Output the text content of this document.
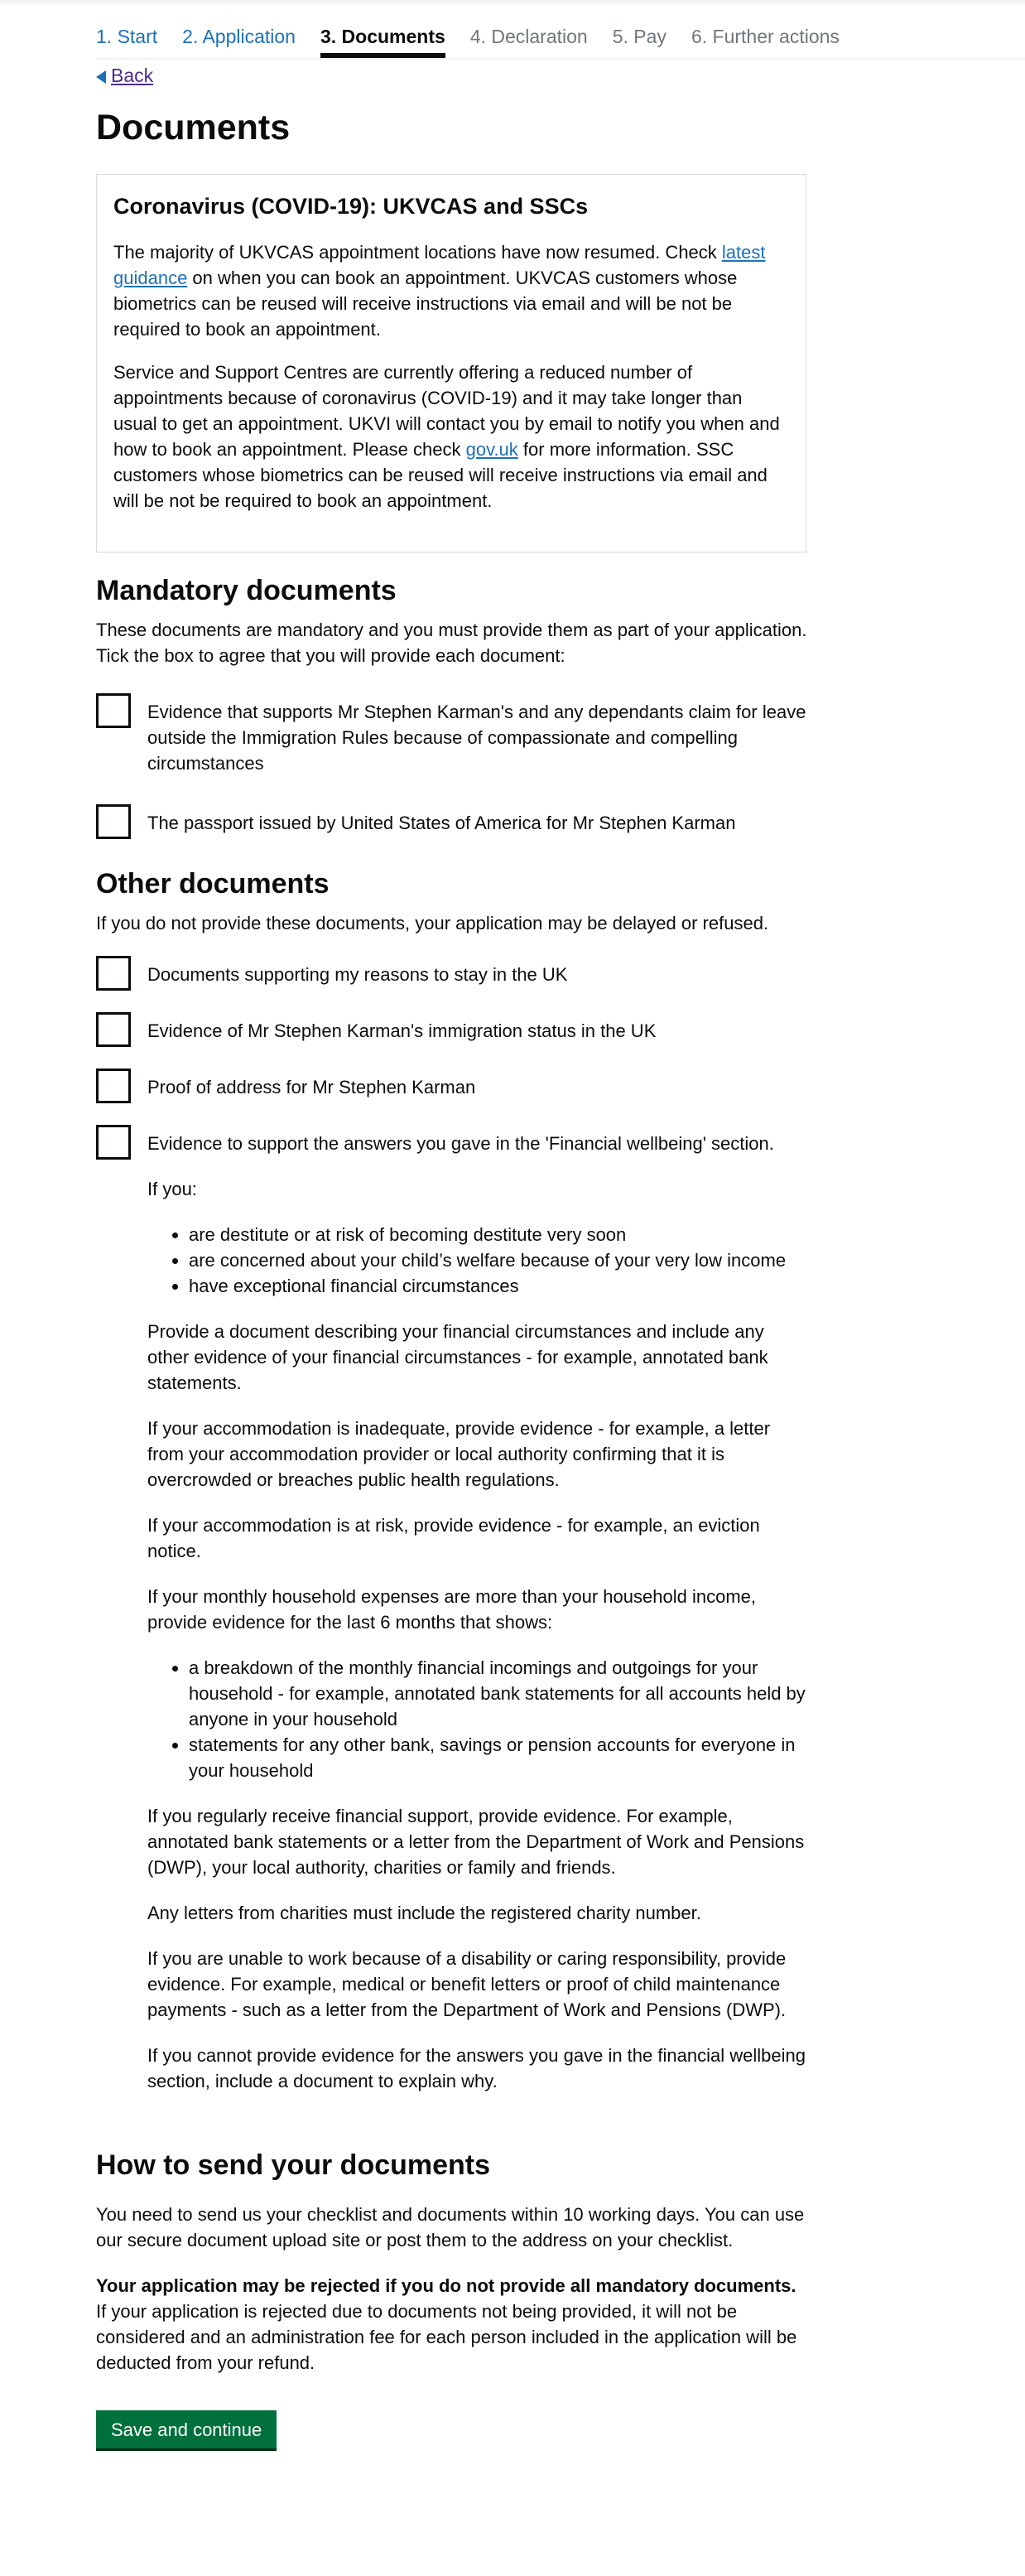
1. Start 2. Application 3. Documents 4. Declaration 5. Pay 6. Further actions
Back
Documents
Coronavirus (COVID-19): UKVCAS and SSCs

The majority of UKVCAS appointment locations have now resumed. Check latest guidance on when you can book an appointment. UKVCAS customers whose biometrics can be reused will receive instructions via email and will be not be required to book an appointment.

Service and Support Centres are currently offering a reduced number of appointments because of coronavirus (COVID-19) and it may take longer than usual to get an appointment. UKVI will contact you by email to notify you when and how to book an appointment. Please check gov.uk for more information. SSC customers whose biometrics can be reused will receive instructions via email and will be not be required to book an appointment.

Mandatory documents

These documents are mandatory and you must provide them as part of your application. Tick the box to agree that you will provide each document:

Evidence that supports Mr Stephen Karman's and any dependants claim for leave outside the Immigration Rules because of compassionate and compelling circumstances
The passport issued by United States of America for Mr Stephen Karman
Other documents

If you do not provide these documents, your application may be delayed or refused.

Documents supporting my reasons to stay in the UK
Evidence of Mr Stephen Karman's immigration status in the UK
Proof of address for Mr Stephen Karman
Evidence to support the answers you gave in the 'Financial wellbeing' section.

If you:

• are destitute or at risk of becoming destitute very soon
• are concerned about your child’s welfare because of your very low income
• have exceptional financial circumstances

Provide a document describing your financial circumstances and include any other evidence of your financial circumstances - for example, annotated bank statements.

If your accommodation is inadequate, provide evidence - for example, a letter from your accommodation provider or local authority confirming that it is overcrowded or breaches public health regulations.

If your accommodation is at risk, provide evidence - for example, an eviction notice.

If your monthly household expenses are more than your household income, provide evidence for the last 6 months that shows:

• a breakdown of the monthly financial incomings and outgoings for your household - for example, annotated bank statements for all accounts held by anyone in your household
• statements for any other bank, savings or pension accounts for everyone in your household

If you regularly receive financial support, provide evidence. For example, annotated bank statements or a letter from the Department of Work and Pensions (DWP), your local authority, charities or family and friends.

Any letters from charities must include the registered charity number.

If you are unable to work because of a disability or caring responsibility, provide evidence. For example, medical or benefit letters or proof of child maintenance payments - such as a letter from the Department of Work and Pensions (DWP).

If you cannot provide evidence for the answers you gave in the financial wellbeing section, include a document to explain why.

How to send your documents

You need to send us your checklist and documents within 10 working days. You can use our secure document upload site or post them to the address on your checklist.

Your application may be rejected if you do not provide all mandatory documents.
If your application is rejected due to documents not being provided, it will not be considered and an administration fee for each person included in the application will be deducted from your refund.

Save and continue
